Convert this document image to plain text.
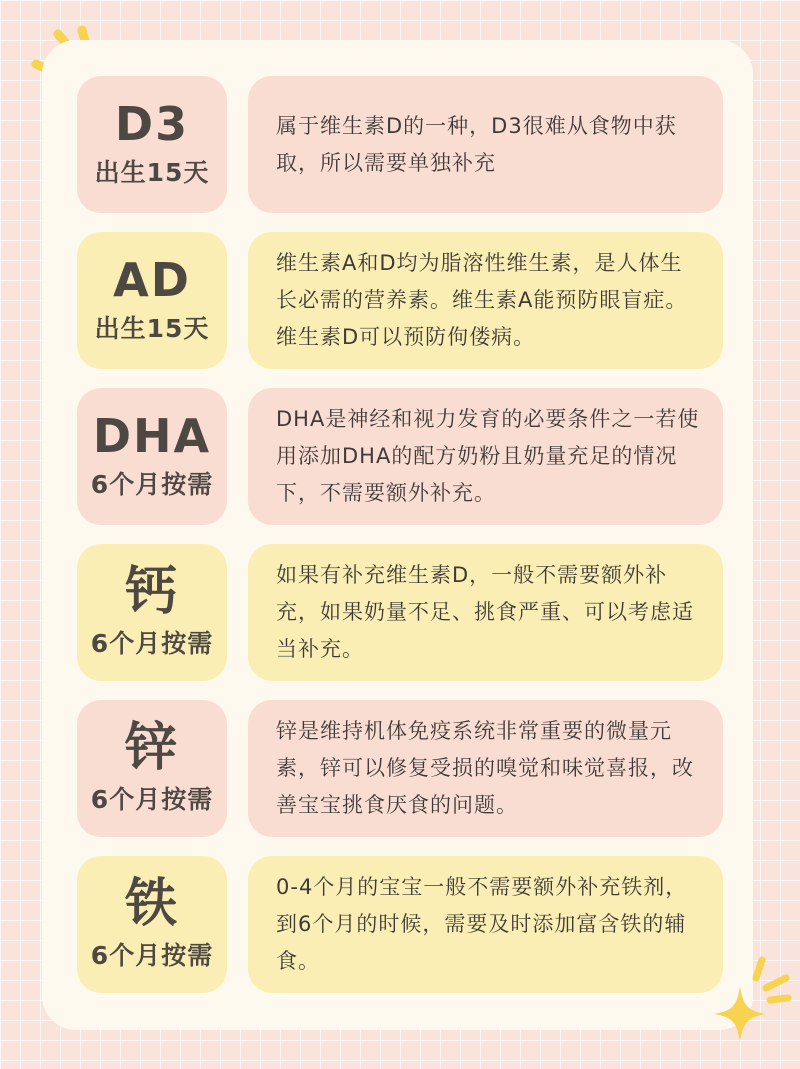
D3
出生15天
属于维生素D的一种，D3很难从食物中获取，所以需要单独补充
AD
出生15天
维生素A和D均为脂溶性维生素，是人体生长必需的营养素。维生素A能预防眼盲症。维生素D可以预防佝偻病。
DHA
6个月按需
DHA是神经和视力发育的必要条件之一若使用添加DHA的配方奶粉且奶量充足的情况下，不需要额外补充。
钙
6个月按需
如果有补充维生素D，一般不需要额外补充，如果奶量不足、挑食严重、可以考虑适当补充。
锌
6个月按需
锌是维持机体免疫系统非常重要的微量元素，锌可以修复受损的嗅觉和味觉喜报，改善宝宝挑食厌食的问题。
铁
6个月按需
0-4个月的宝宝一般不需要额外补充铁剂，到6个月的时候，需要及时添加富含铁的辅食。
